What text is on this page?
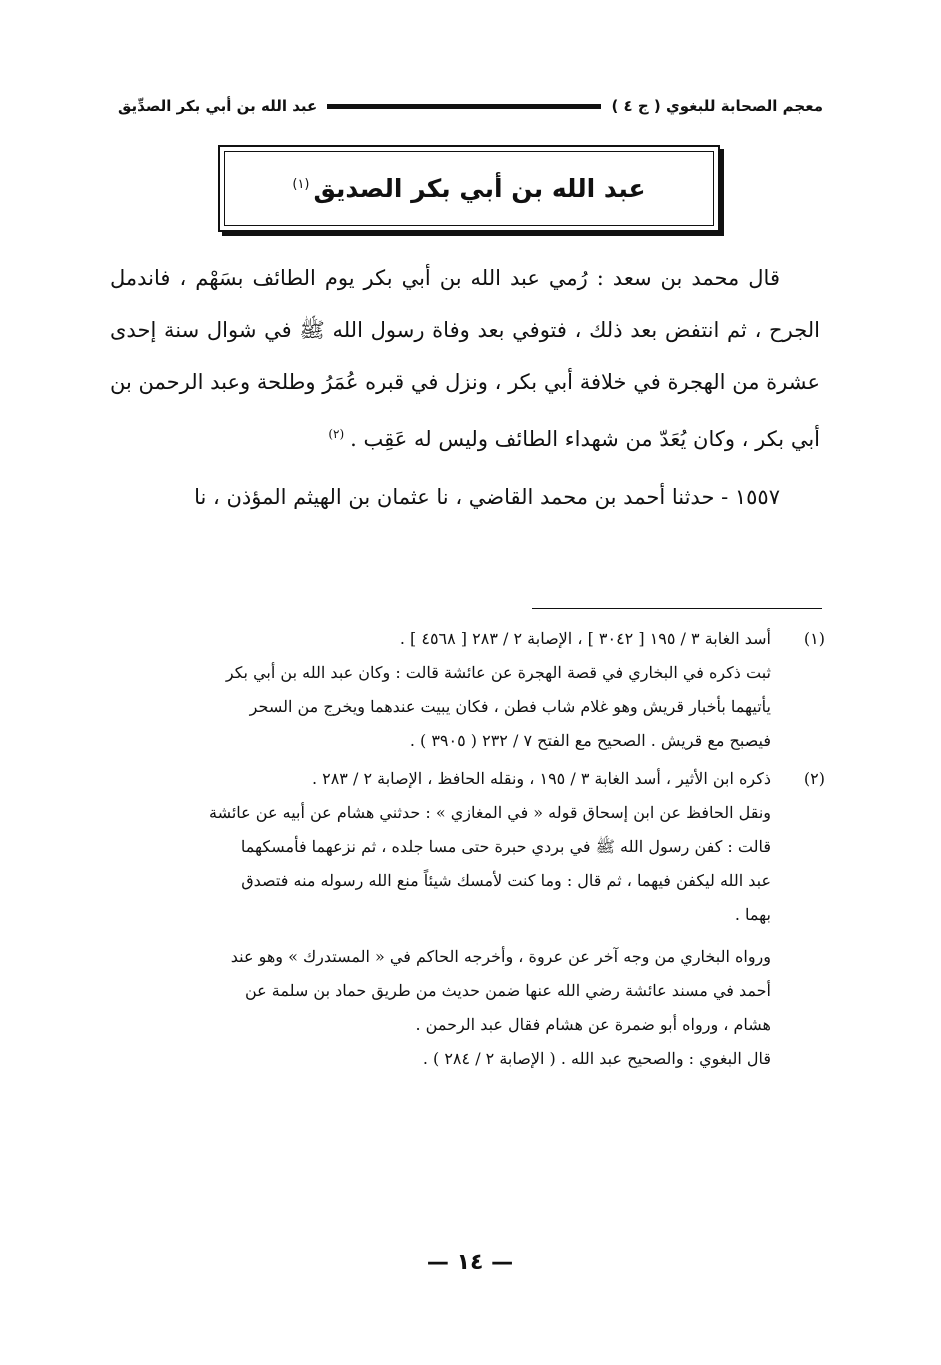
معجم الصحابة للبغوي ( ج ٤ )
عبد الله بن أبي بكر الصدِّيق
عبد الله بن أبي بكر الصديق$^{(١)}$

قال محمد بن سعد : رُمي عبد الله بن أبي بكر يوم الطائف بسَهْم ، فاندمل الجرح ، ثم انتفض بعد ذلك ، فتوفي بعد وفاة رسول الله ﷺ في شوال سنة إحدى عشرة من الهجرة في خلافة أبي بكر ، ونزل في قبره عُمَرُ وطلحة وعبد الرحمن بن أبي بكر ، وكان يُعَدّ من شهداء الطائف وليس له عَقِب .$^{(٢)}$

١٥٥٧ - حدثنا أحمد بن محمد القاضي ، نا عثمان بن الهيثم المؤذن ، نا

(١)

أسد الغابة ٣ / ١٩٥ [ ٣٠٤٢ ] ، الإصابة ٢ / ٢٨٣ [ ٤٥٦٨ ] .

ثبت ذكره في البخاري في قصة الهجرة عن عائشة قالت : وكان عبد الله بن أبي بكر

يأتيهما بأخبار قريش وهو غلام شاب فطن ، فكان يبيت عندهما ويخرج من السحر

فيصبح مع قريش . الصحيح مع الفتح ٧ / ٢٣٢ ( ٣٩٠٥ ) .

(٢)

ذكره ابن الأثير ، أسد الغابة ٣ / ١٩٥ ، ونقله الحافظ ، الإصابة ٢ / ٢٨٣ .

ونقل الحافظ عن ابن إسحاق قوله « في المغازي » : حدثني هشام عن أبيه عن عائشة

قالت : كفن رسول الله ﷺ في بردي حبرة حتى مسا جلده ، ثم نزعهما فأمسكهما

عبد الله ليكفن فيهما ، ثم قال : وما كنت لأمسك شيئاً منع الله رسوله منه فتصدق

بهما .

ورواه البخاري من وجه آخر عن عروة ، وأخرجه الحاكم في « المستدرك » وهو عند

أحمد في مسند عائشة رضي الله عنها ضمن حديث من طريق حماد بن سلمة عن

هشام ، ورواه أبو ضمرة عن هشام فقال عبد الرحمن .

قال البغوي : والصحيح عبد الله . ( الإصابة ٢ / ٢٨٤ ) .

— ١٤ —
